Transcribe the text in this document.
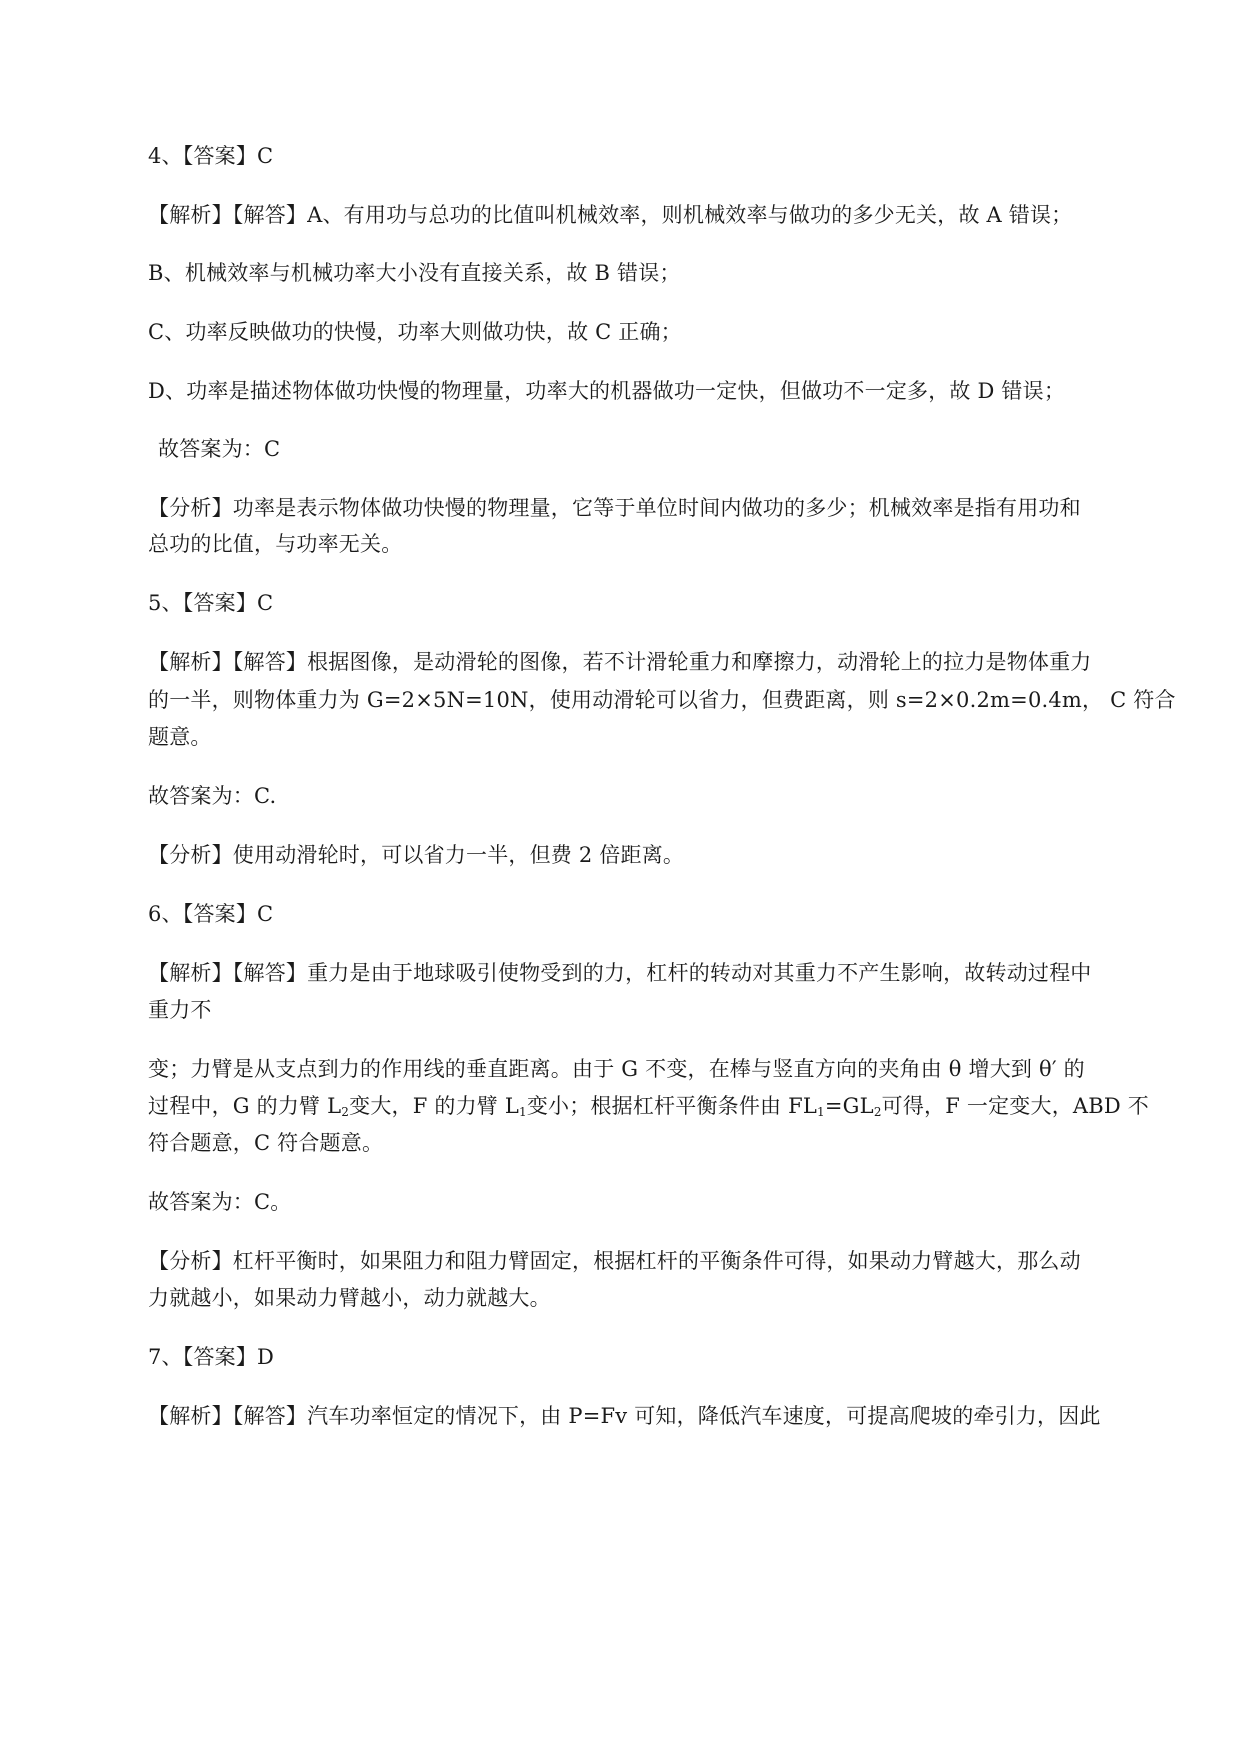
4、【答案】C
【解析】【解答】A、有用功与总功的比值叫机械效率，则机械效率与做功的多少无关，故 A 错误；
B、机械效率与机械功率大小没有直接关系，故 B 错误；
C、功率反映做功的快慢，功率大则做功快，故 C 正确；
D、功率是描述物体做功快慢的物理量，功率大的机器做功一定快，但做功不一定多，故 D 错误；
故答案为：C
【分析】功率是表示物体做功快慢的物理量，它等于单位时间内做功的多少；机械效率是指有用功和
总功的比值，与功率无关。
5、【答案】C
【解析】【解答】根据图像，是动滑轮的图像，若不计滑轮重力和摩擦力，动滑轮上的拉力是物体重力
的一半，则物体重力为 G=2×5N=10N，使用动滑轮可以省力，但费距离，则 s=2×0.2m=0.4m， C 符合
题意。
故答案为：C.
【分析】使用动滑轮时，可以省力一半，但费 2 倍距离。
6、【答案】C
【解析】【解答】重力是由于地球吸引使物受到的力，杠杆的转动对其重力不产生影响，故转动过程中
重力不
变；力臂是从支点到力的作用线的垂直距离。由于 G 不变，在棒与竖直方向的夹角由 θ 增大到 θ′ 的
过程中，G 的力臂 $L_2$变大，F 的力臂 $L_1$变小；根据杠杆平衡条件由 $FL_1=GL_2$可得，F 一定变大，ABD 不
符合题意，C 符合题意。
故答案为：C。
【分析】杠杆平衡时，如果阻力和阻力臂固定，根据杠杆的平衡条件可得，如果动力臂越大，那么动
力就越小，如果动力臂越小，动力就越大。
7、【答案】D
【解析】【解答】汽车功率恒定的情况下，由 P=Fv 可知，降低汽车速度，可提高爬坡的牵引力，因此
